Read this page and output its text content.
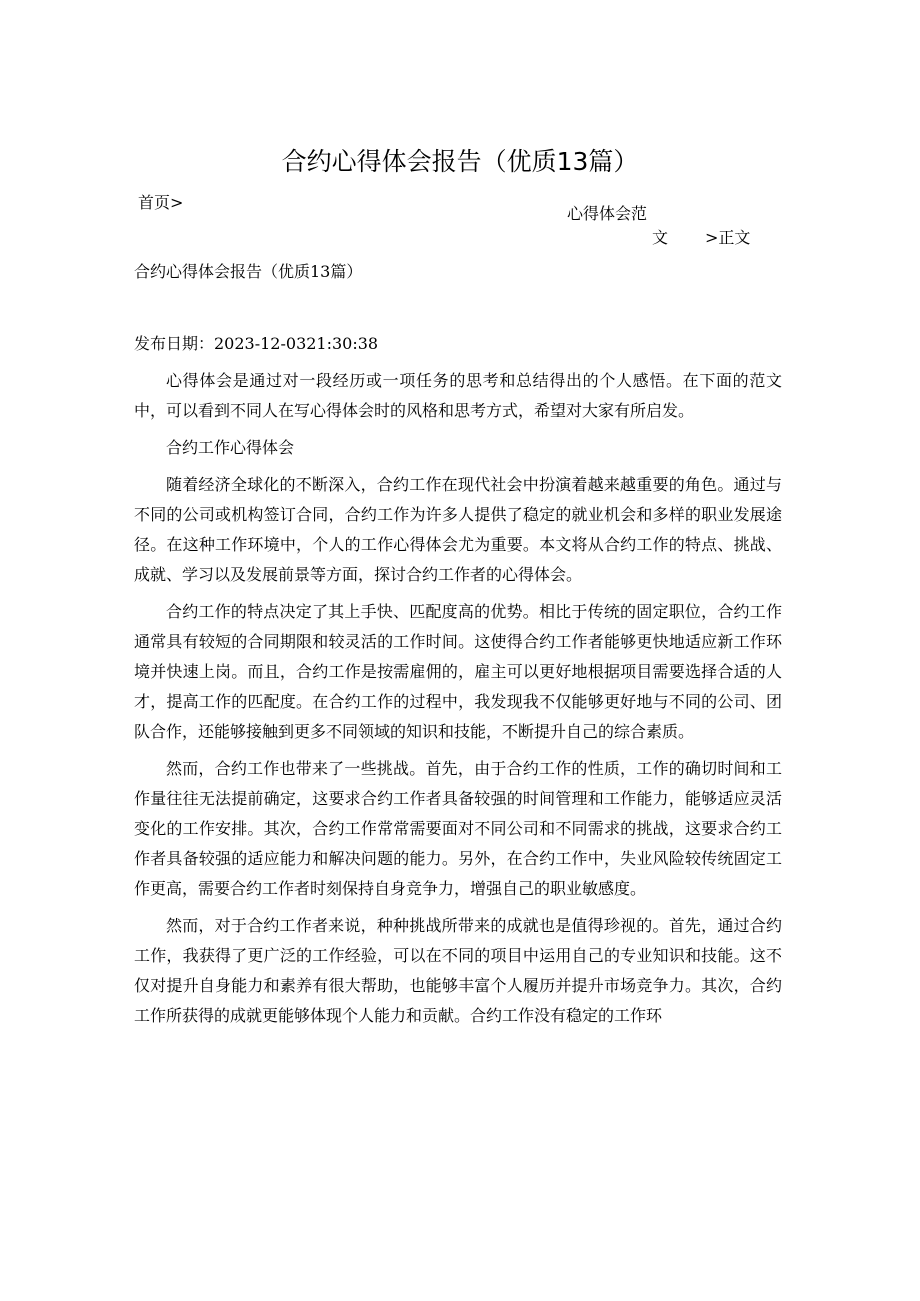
合约心得体会报告（优质13篇）
首页>
心得体会范
文 >正文
合约心得体会报告（优质13篇）
发布日期：2023-12-0321:30:38

心得体会是通过对一段经历或一项任务的思考和总结得出的个人感悟。在下面的范文中，可以看到不同人在写心得体会时的风格和思考方式，希望对大家有所启发。

合约工作心得体会

随着经济全球化的不断深入，合约工作在现代社会中扮演着越来越重要的角色。通过与不同的公司或机构签订合同，合约工作为许多人提供了稳定的就业机会和多样的职业发展途径。在这种工作环境中，个人的工作心得体会尤为重要。本文将从合约工作的特点、挑战、成就、学习以及发展前景等方面，探讨合约工作者的心得体会。

合约工作的特点决定了其上手快、匹配度高的优势。相比于传统的固定职位，合约工作通常具有较短的合同期限和较灵活的工作时间。这使得合约工作者能够更快地适应新工作环境并快速上岗。而且，合约工作是按需雇佣的，雇主可以更好地根据项目需要选择合适的人才，提高工作的匹配度。在合约工作的过程中，我发现我不仅能够更好地与不同的公司、团队合作，还能够接触到更多不同领域的知识和技能，不断提升自己的综合素质。

然而，合约工作也带来了一些挑战。首先，由于合约工作的性质，工作的确切时间和工作量往往无法提前确定，这要求合约工作者具备较强的时间管理和工作能力，能够适应灵活变化的工作安排。其次，合约工作常常需要面对不同公司和不同需求的挑战，这要求合约工作者具备较强的适应能力和解决问题的能力。另外，在合约工作中，失业风险较传统固定工作更高，需要合约工作者时刻保持自身竞争力，增强自己的职业敏感度。

然而，对于合约工作者来说，种种挑战所带来的成就也是值得珍视的。首先，通过合约工作，我获得了更广泛的工作经验，可以在不同的项目中运用自己的专业知识和技能。这不仅对提升自身能力和素养有很大帮助，也能够丰富个人履历并提升市场竞争力。其次，合约工作所获得的成就更能够体现个人能力和贡献。合约工作没有稳定的工作环
